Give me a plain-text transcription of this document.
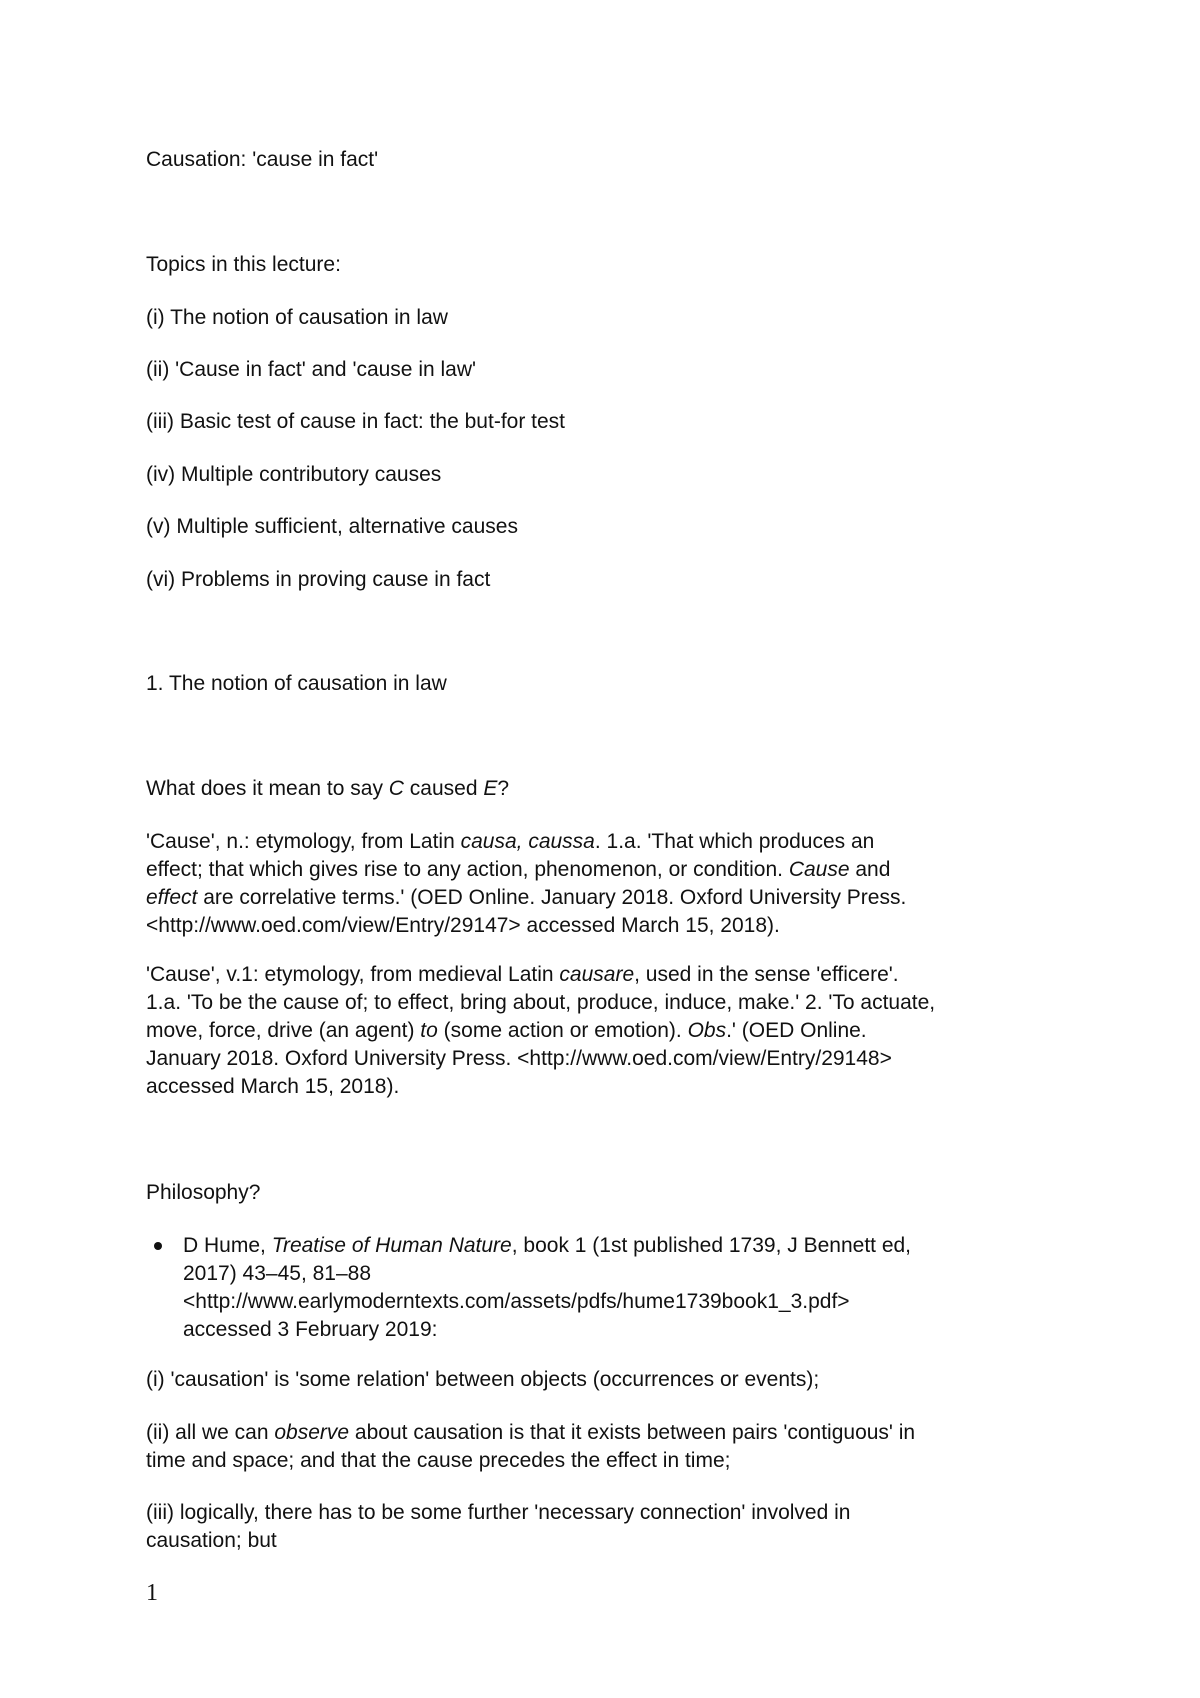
Causation: 'cause in fact'
Topics in this lecture:
(i) The notion of causation in law
(ii) 'Cause in fact' and 'cause in law'
(iii) Basic test of cause in fact: the but-for test
(iv) Multiple contributory causes
(v) Multiple sufficient, alternative causes
(vi) Problems in proving cause in fact
1. The notion of causation in law
What does it mean to say C caused E?
'Cause', n.: etymology, from Latin causa, caussa. 1.a. 'That which produces an
effect; that which gives rise to any action, phenomenon, or condition. Cause and
effect are correlative terms.' (OED Online. January 2018. Oxford University Press.
<http://www.oed.com/view/Entry/29147> accessed March 15, 2018).
'Cause', v.1: etymology, from medieval Latin causare, used in the sense 'efficere'.
1.a. 'To be the cause of; to effect, bring about, produce, induce, make.' 2. 'To actuate,
move, force, drive (an agent) to (some action or emotion). Obs.' (OED Online.
January 2018. Oxford University Press. <http://www.oed.com/view/Entry/29148>
accessed March 15, 2018).
Philosophy?
D Hume, Treatise of Human Nature, book 1 (1st published 1739, J Bennett ed,
2017) 43–45, 81–88
<http://www.earlymoderntexts.com/assets/pdfs/hume1739book1_3.pdf>
accessed 3 February 2019:
(i) 'causation' is 'some relation' between objects (occurrences or events);
(ii) all we can observe about causation is that it exists between pairs 'contiguous' in
time and space; and that the cause precedes the effect in time;
(iii) logically, there has to be some further 'necessary connection' involved in
causation; but
1
